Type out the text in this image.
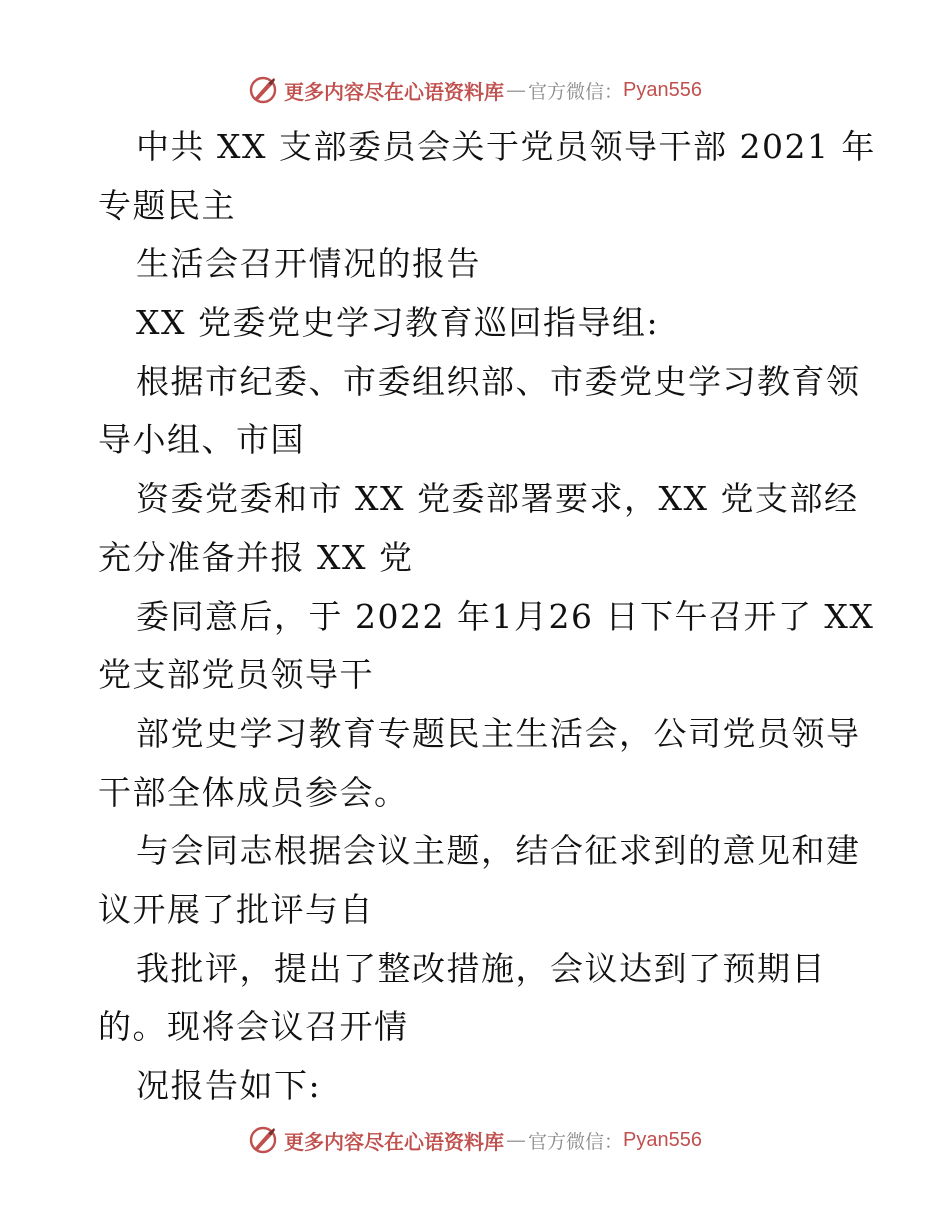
更多内容尽在心语资料库 — 官方微信： Pyan556
中共 XX 支部委员会关于党员领导干部 2021 年
专题民主
生活会召开情况的报告
XX 党委党史学习教育巡回指导组:
根据市纪委、市委组织部、市委党史学习教育领
导小组、市国
资委党委和市 XX 党委部署要求，XX 党支部经
充分准备并报 XX 党
委同意后，于 2022 年1月26 日下午召开了 XX
党支部党员领导干
部党史学习教育专题民主生活会，公司党员领导
干部全体成员参会。
与会同志根据会议主题，结合征求到的意见和建
议开展了批评与自
我批评，提出了整改措施，会议达到了预期目
的。现将会议召开情
况报告如下:
更多内容尽在心语资料库 — 官方微信： Pyan556
